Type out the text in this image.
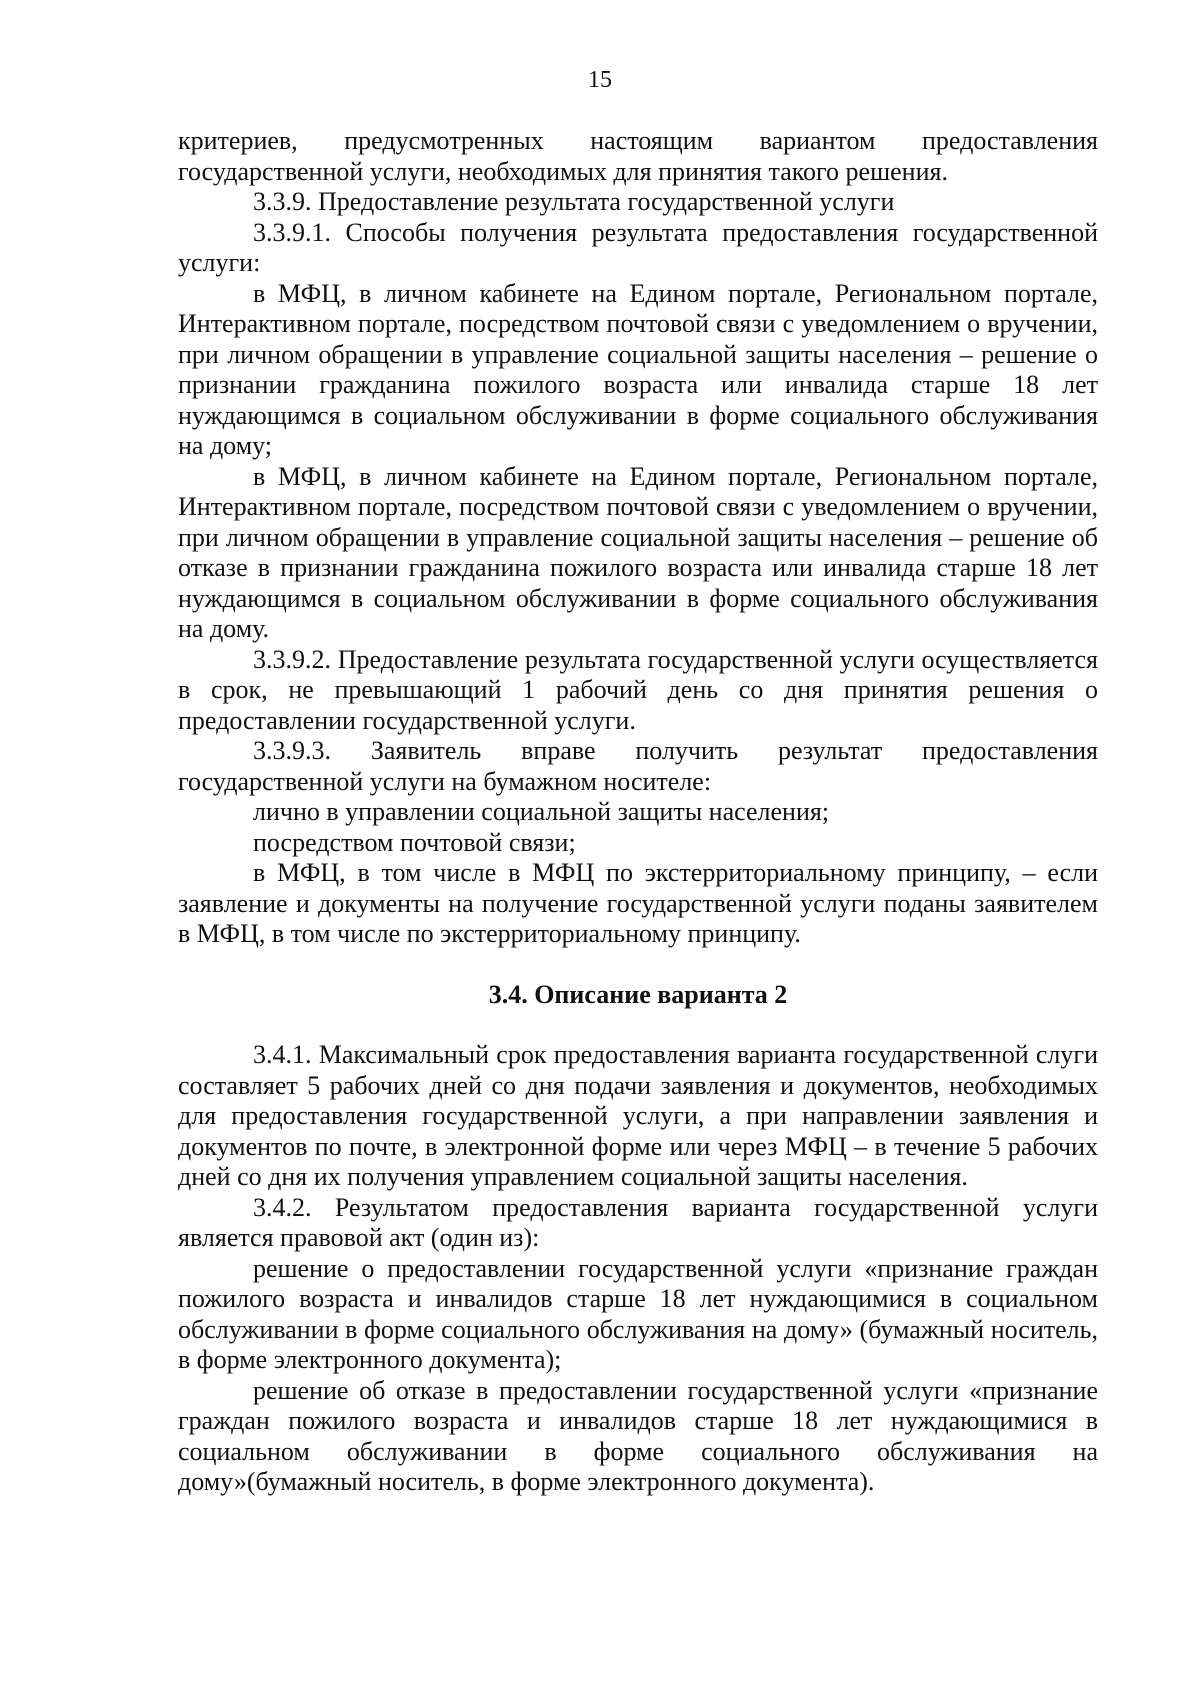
15

критериев, предусмотренных настоящим вариантом предоставления государственной услуги, необходимых для принятия такого решения.

3.3.9. Предоставление результата государственной услуги

3.3.9.1. Способы получения результата предоставления государственной услуги:

в МФЦ, в личном кабинете на Едином портале, Региональном портале, Интерактивном портале, посредством почтовой связи с уведомлением о вручении, при личном обращении в управление социальной защиты населения – решение о признании гражданина пожилого возраста или инвалида старше 18 лет нуждающимся в социальном обслуживании в форме социального обслуживания на дому;

в МФЦ, в личном кабинете на Едином портале, Региональном портале, Интерактивном портале, посредством почтовой связи с уведомлением о вручении, при личном обращении в управление социальной защиты населения – решение об отказе в признании гражданина пожилого возраста или инвалида старше 18 лет нуждающимся в социальном обслуживании в форме социального обслуживания на дому.

3.3.9.2. Предоставление результата государственной услуги осуществляется в срок, не превышающий 1 рабочий день со дня принятия решения о предоставлении государственной услуги.

3.3.9.3. Заявитель вправе получить результат предоставления государственной услуги на бумажном носителе:

лично в управлении социальной защиты населения;

посредством почтовой связи;

в МФЦ, в том числе в МФЦ по экстерриториальному принципу, – если заявление и документы на получение государственной услуги поданы заявителем в МФЦ, в том числе по экстерриториальному принципу.

3.4. Описание варианта 2

3.4.1. Максимальный срок предоставления варианта государственной слуги составляет 5 рабочих дней со дня подачи заявления и документов, необходимых для предоставления государственной услуги, а при направлении заявления и документов по почте, в электронной форме или через МФЦ – в течение 5 рабочих дней со дня их получения управлением социальной защиты населения.

3.4.2. Результатом предоставления варианта государственной услуги является правовой акт (один из):

решение о предоставлении государственной услуги «признание граждан пожилого возраста и инвалидов старше 18 лет нуждающимися в социальном обслуживании в форме социального обслуживания на дому» (бумажный носитель, в форме электронного документа);

решение об отказе в предоставлении государственной услуги «признание граждан пожилого возраста и инвалидов старше 18 лет нуждающимися в социальном обслуживании в форме социального обслуживания на дому»(бумажный носитель, в форме электронного документа).
